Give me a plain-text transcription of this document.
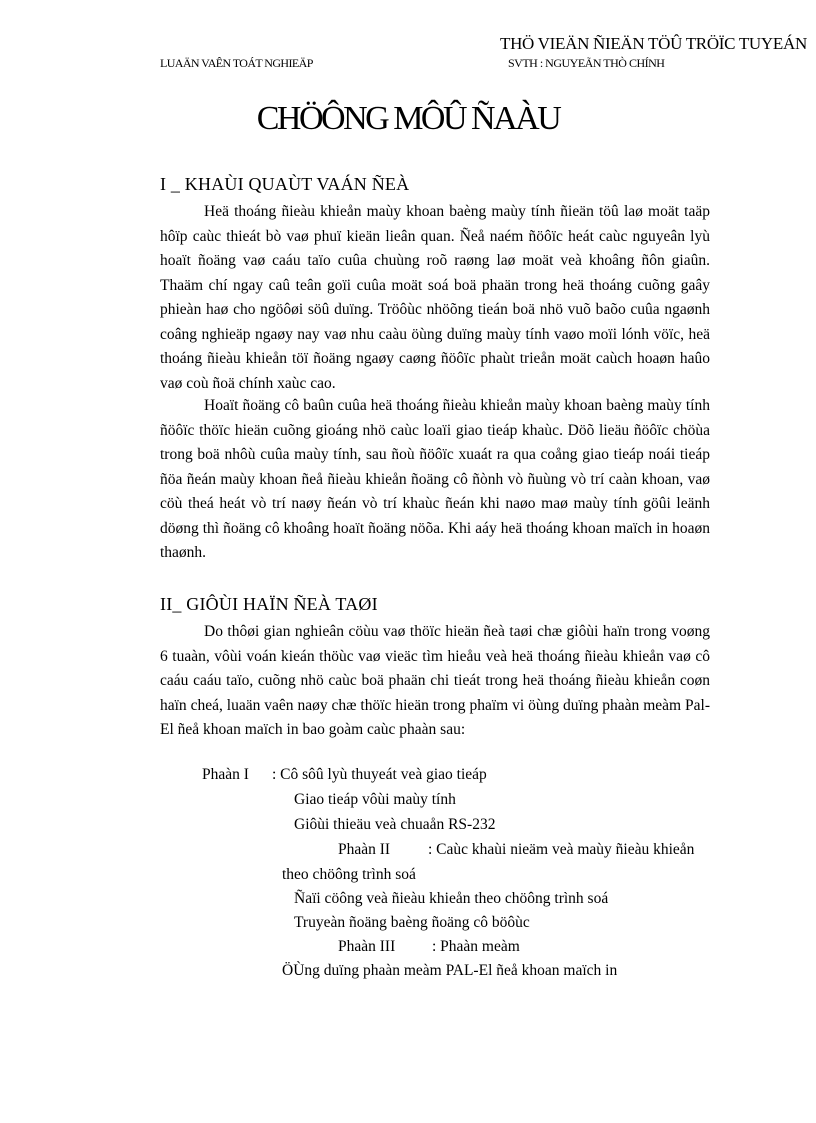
THÖ VIEÄN ÑIEÄN TÖÛ TRÖÏC TUYEÁN
LUAÄN VAÊN TOÁT NGHIEÄP	SVTH : NGUYEÃN THÒ CHÍNH
CHÖÔNG MÔÛ ÑAÀU
I _ KHAÙI QUAÙT VAÁN ÑEÀ

Heä thoáng ñieàu khieån maùy khoan baèng maùy tính ñieän töû laø moät taäp hôïp caùc thieát bò vaø phuï kieän lieân quan. Ñeå naém ñöôïc heát caùc nguyeân lyù hoaït ñoäng vaø caáu taïo cuûa chuùng roõ raøng laø moät veà khoâng ñôn giaûn. Thaäm chí ngay caû teân goïi cuûa moät soá boä phaän trong heä thoáng cuõng gaây phieàn haø cho ngöôøi söû duïng. Tröôùc nhöõng tieán boä nhö vuõ baõo cuûa ngaønh coâng nghieäp ngaøy nay vaø nhu caàu öùng duïng maùy tính vaøo moïi lónh vöïc, heä thoáng ñieàu khieån töï ñoäng ngaøy caøng ñöôïc phaùt trieån moät caùch hoaøn haûo vaø coù ñoä chính xaùc cao.

Hoaït ñoäng cô baûn cuûa heä thoáng ñieàu khieån maùy khoan baèng maùy tính ñöôïc thöïc hieän cuõng gioáng nhö caùc loaïi giao tieáp khaùc. Döõ lieäu ñöôïc chöùa trong boä nhôù cuûa maùy tính, sau ñoù ñöôïc xuaát ra qua coång giao tieáp noái tieáp ñöa ñeán maùy khoan ñeå ñieàu khieån ñoäng cô ñònh vò ñuùng vò trí caàn khoan, vaø cöù theá heát vò trí naøy ñeán vò trí khaùc ñeán khi naøo maø maùy tính göûi leänh döøng thì ñoäng cô khoâng hoaït ñoäng nöõa. Khi aáy heä thoáng khoan maïch in hoaøn thaønh.

II_ GIÔÙI HAÏN ÑEÀ TAØI

Do thôøi gian nghieân cöùu vaø thöïc hieän ñeà taøi chæ giôùi haïn trong voøng 6 tuaàn, vôùi voán kieán thöùc vaø vieäc tìm hieåu veà heä thoáng ñieàu khieån vaø cô caáu caáu taïo, cuõng nhö caùc boä phaän chi tieát trong heä thoáng ñieàu khieån coøn haïn cheá, luaän vaên naøy chæ thöïc hieän trong phaïm vi öùng duïng phaàn meàm Pal-El ñeå khoan maïch in bao goàm caùc phaàn sau:

Phaàn I : Cô sôû lyù thuyeát veà giao tieáp
Giao tieáp vôùi maùy tính
Giôùi thieäu veà chuaån RS-232
Phaàn II : Caùc khaùi nieäm veà maùy ñieàu khieån
theo chöông trình soá
Ñaïi cöông veà ñieàu khieån theo chöông trình soá
Truyeàn ñoäng baèng ñoäng cô böôùc
Phaàn III : Phaàn meàm
ÖÙng duïng phaàn meàm PAL-El ñeå khoan maïch in
